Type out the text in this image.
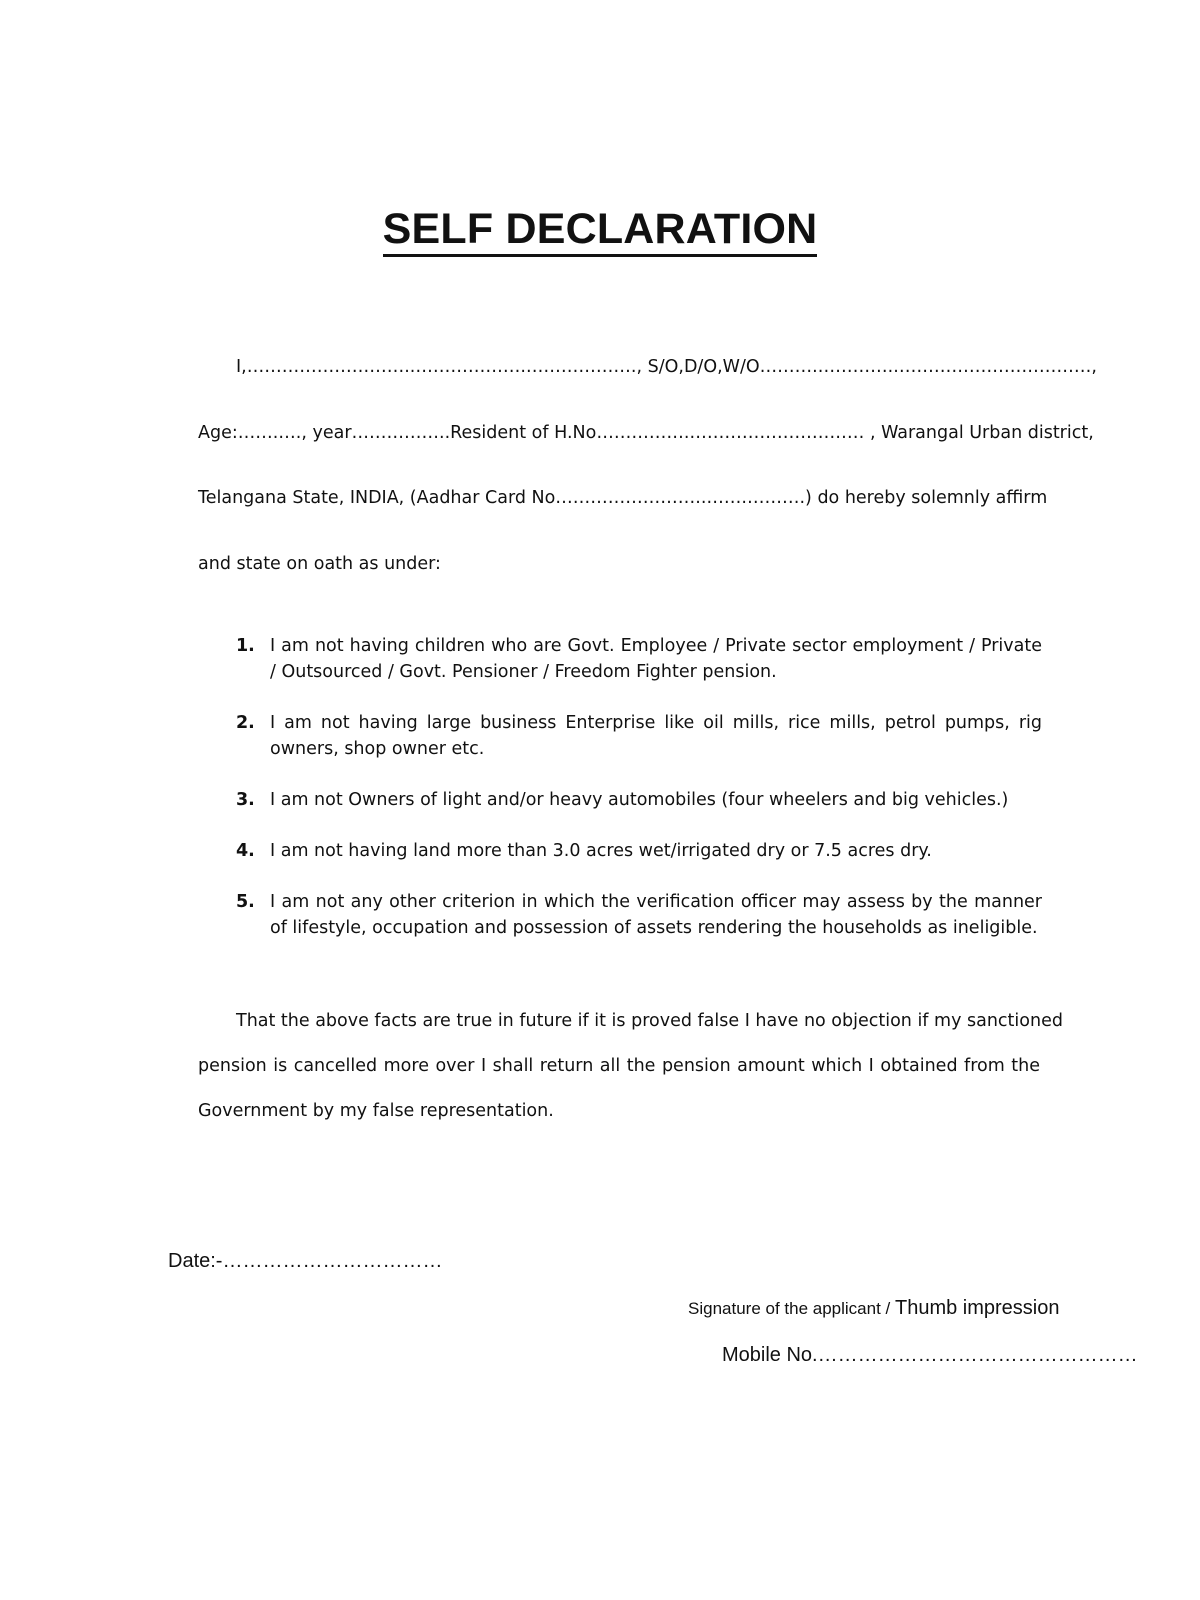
SELF DECLARATION
I,………………………..……………….………………., S/O,D/O,W/O……….…………..……………………………,
Age:…….…., year……………..Resident of H.No…………….………………………… , Warangal Urban district,
Telangana State, INDIA, (Aadhar Card No……………………..…….……….) do hereby solemnly affirm
and state on oath as under:
1. I am not having children who are Govt. Employee / Private sector employment / Private / Outsourced / Govt. Pensioner / Freedom Fighter pension.
2. I am not having large business Enterprise like oil mills, rice mills, petrol pumps, rig owners, shop owner etc.
3. I am not Owners of light and/or heavy automobiles (four wheelers and big vehicles.)
4. I am not having land more than 3.0 acres wet/irrigated dry or 7.5 acres dry.
5. I am not any other criterion in which the verification officer may assess by the manner of lifestyle, occupation and possession of assets rendering the households as ineligible.
That the above facts are true in future if it is proved false I have no objection if my sanctioned
pension is cancelled more over I shall return all the pension amount which I obtained from the
Government by my false representation.
Date:-……………………………
Signature of the applicant / Thumb impression
Mobile No.…………………………………………
